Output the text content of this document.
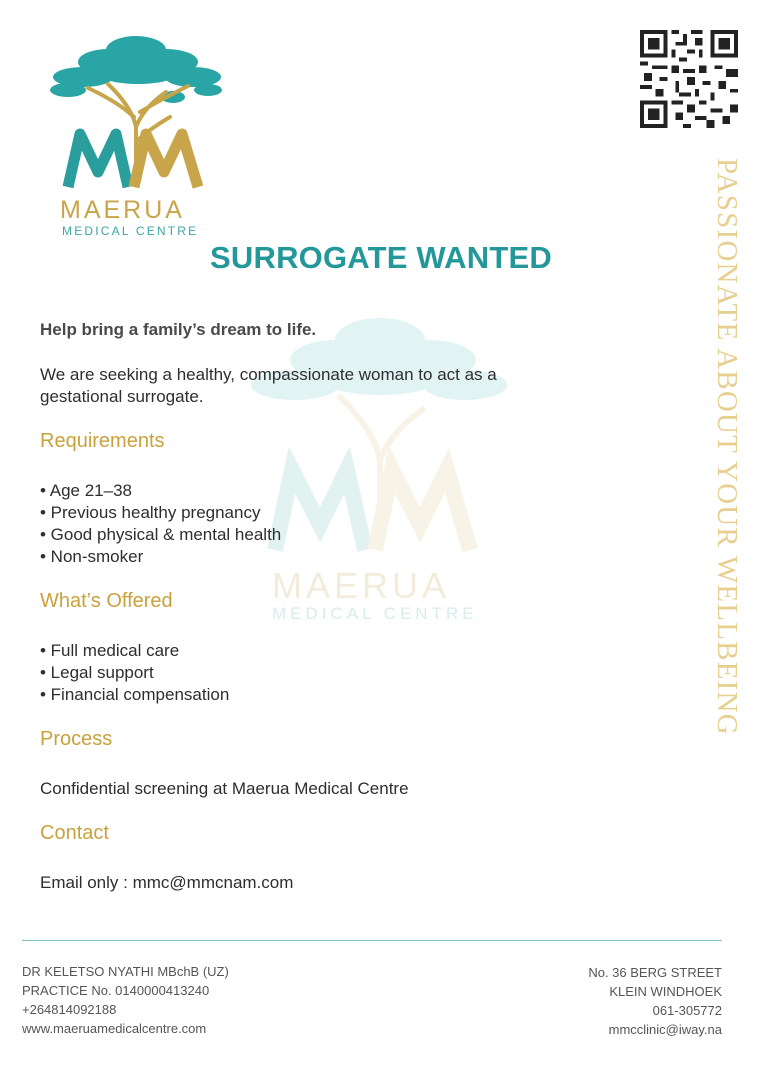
MAERUA
MEDICAL CENTRE
MAERUA
MEDICAL CENTRE	PASSIONATE ABOUT YOUR WELLBEING
SURROGATE WANTED
Help bring a family’s dream to life.
We are seeking a healthy, compassionate woman to act as a
gestational surrogate.
Requirements
• Age 21–38
• Previous healthy pregnancy
• Good physical & mental health
• Non-smoker
What’s Offered
• Full medical care
• Legal support
• Financial compensation
Process
Confidential screening at Maerua Medical Centre
Contact
Email only : mmc@mmcnam.com
DR KELETSO NYATHI MBchB (UZ)
PRACTICE No. 0140000413240
+264814092188
www.maeruamedicalcentre.com
No. 36 BERG STREET
KLEIN WINDHOEK
061-305772
mmcclinic@iway.na
